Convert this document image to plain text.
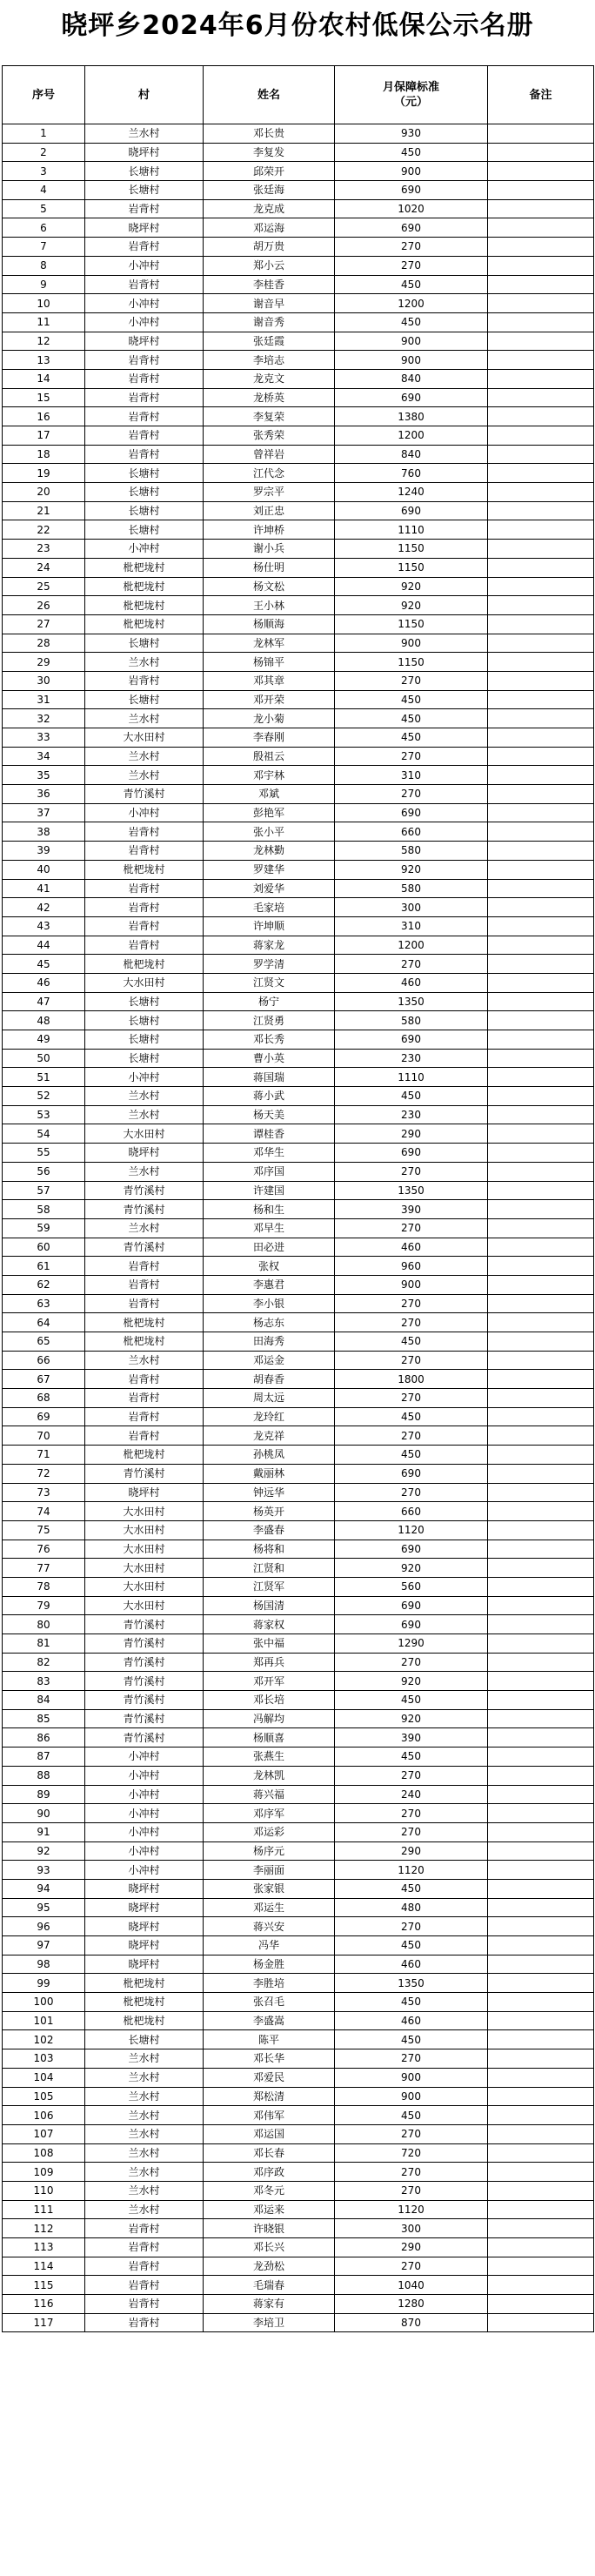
晓坪乡2024年6月份农村低保公示名册
序号	村	姓名	月保障标准（元）	备注
1	兰水村	邓长贵	930	
2	晓坪村	李复发	450	
3	长塘村	邱荣开	900	
4	长塘村	张廷海	690	
5	岩背村	龙克成	1020	
6	晓坪村	邓运海	690	
7	岩背村	胡万贵	270	
8	小冲村	郑小云	270	
9	岩背村	李桂香	450	
10	小冲村	谢音早	1200	
11	小冲村	谢音秀	450	
12	晓坪村	张廷霞	900	
13	岩背村	李培志	900	
14	岩背村	龙克文	840	
15	岩背村	龙桥英	690	
16	岩背村	李复荣	1380	
17	岩背村	张秀荣	1200	
18	岩背村	曾祥岩	840	
19	长塘村	江代念	760	
20	长塘村	罗宗平	1240	
21	长塘村	刘正忠	690	
22	长塘村	许坤桥	1110	
23	小冲村	谢小兵	1150	
24	枇杷垅村	杨仕明	1150	
25	枇杷垅村	杨文松	920	
26	枇杷垅村	王小林	920	
27	枇杷垅村	杨顺海	1150	
28	长塘村	龙林军	900	
29	兰水村	杨锦平	1150	
30	岩背村	邓其章	270	
31	长塘村	邓开荣	450	
32	兰水村	龙小菊	450	
33	大水田村	李春刚	450	
34	兰水村	殷祖云	270	
35	兰水村	邓宇林	310	
36	青竹溪村	邓斌	270	
37	小冲村	彭艳军	690	
38	岩背村	张小平	660	
39	岩背村	龙林勤	580	
40	枇杷垅村	罗建华	920	
41	岩背村	刘爱华	580	
42	岩背村	毛家培	300	
43	岩背村	许坤顺	310	
44	岩背村	蒋家龙	1200	
45	枇杷垅村	罗学清	270	
46	大水田村	江贤文	460	
47	长塘村	杨宁	1350	
48	长塘村	江贤勇	580	
49	长塘村	邓长秀	690	
50	长塘村	曹小英	230	
51	小冲村	蒋国瑞	1110	
52	兰水村	蒋小武	450	
53	兰水村	杨天美	230	
54	大水田村	谭桂香	290	
55	晓坪村	邓华生	690	
56	兰水村	邓序国	270	
57	青竹溪村	许建国	1350	
58	青竹溪村	杨和生	390	
59	兰水村	邓早生	270	
60	青竹溪村	田必进	460	
61	岩背村	张权	960	
62	岩背村	李惠君	900	
63	岩背村	李小银	270	
64	枇杷垅村	杨志东	270	
65	枇杷垅村	田海秀	450	
66	兰水村	邓运金	270	
67	岩背村	胡春香	1800	
68	岩背村	周太远	270	
69	岩背村	龙玲红	450	
70	岩背村	龙克祥	270	
71	枇杷垅村	孙桃凤	450	
72	青竹溪村	戴丽林	690	
73	晓坪村	钟远华	270	
74	大水田村	杨英开	660	
75	大水田村	李盛春	1120	
76	大水田村	杨将和	690	
77	大水田村	江贤和	920	
78	大水田村	江贤军	560	
79	大水田村	杨国清	690	
80	青竹溪村	蒋家权	690	
81	青竹溪村	张中福	1290	
82	青竹溪村	郑再兵	270	
83	青竹溪村	邓开军	920	
84	青竹溪村	邓长培	450	
85	青竹溪村	冯解均	920	
86	青竹溪村	杨顺喜	390	
87	小冲村	张燕生	450	
88	小冲村	龙林凯	270	
89	小冲村	蒋兴福	240	
90	小冲村	邓序军	270	
91	小冲村	邓运彩	270	
92	小冲村	杨序元	290	
93	小冲村	李丽面	1120	
94	晓坪村	张家银	450	
95	晓坪村	邓运生	480	
96	晓坪村	蒋兴安	270	
97	晓坪村	冯华	450	
98	晓坪村	杨金胜	460	
99	枇杷垅村	李胜培	1350	
100	枇杷垅村	张召毛	450	
101	枇杷垅村	李盛嵩	460	
102	长塘村	陈平	450	
103	兰水村	邓长华	270	
104	兰水村	邓爱民	900	
105	兰水村	郑松清	900	
106	兰水村	邓伟军	450	
107	兰水村	邓运国	270	
108	兰水村	邓长春	720	
109	兰水村	邓序政	270	
110	兰水村	邓冬元	270	
111	兰水村	邓运来	1120	
112	岩背村	许晓银	300	
113	岩背村	邓长兴	290	
114	岩背村	龙劲松	270	
115	岩背村	毛瑞春	1040	
116	岩背村	蒋家有	1280	
117	岩背村	李培卫	870	
